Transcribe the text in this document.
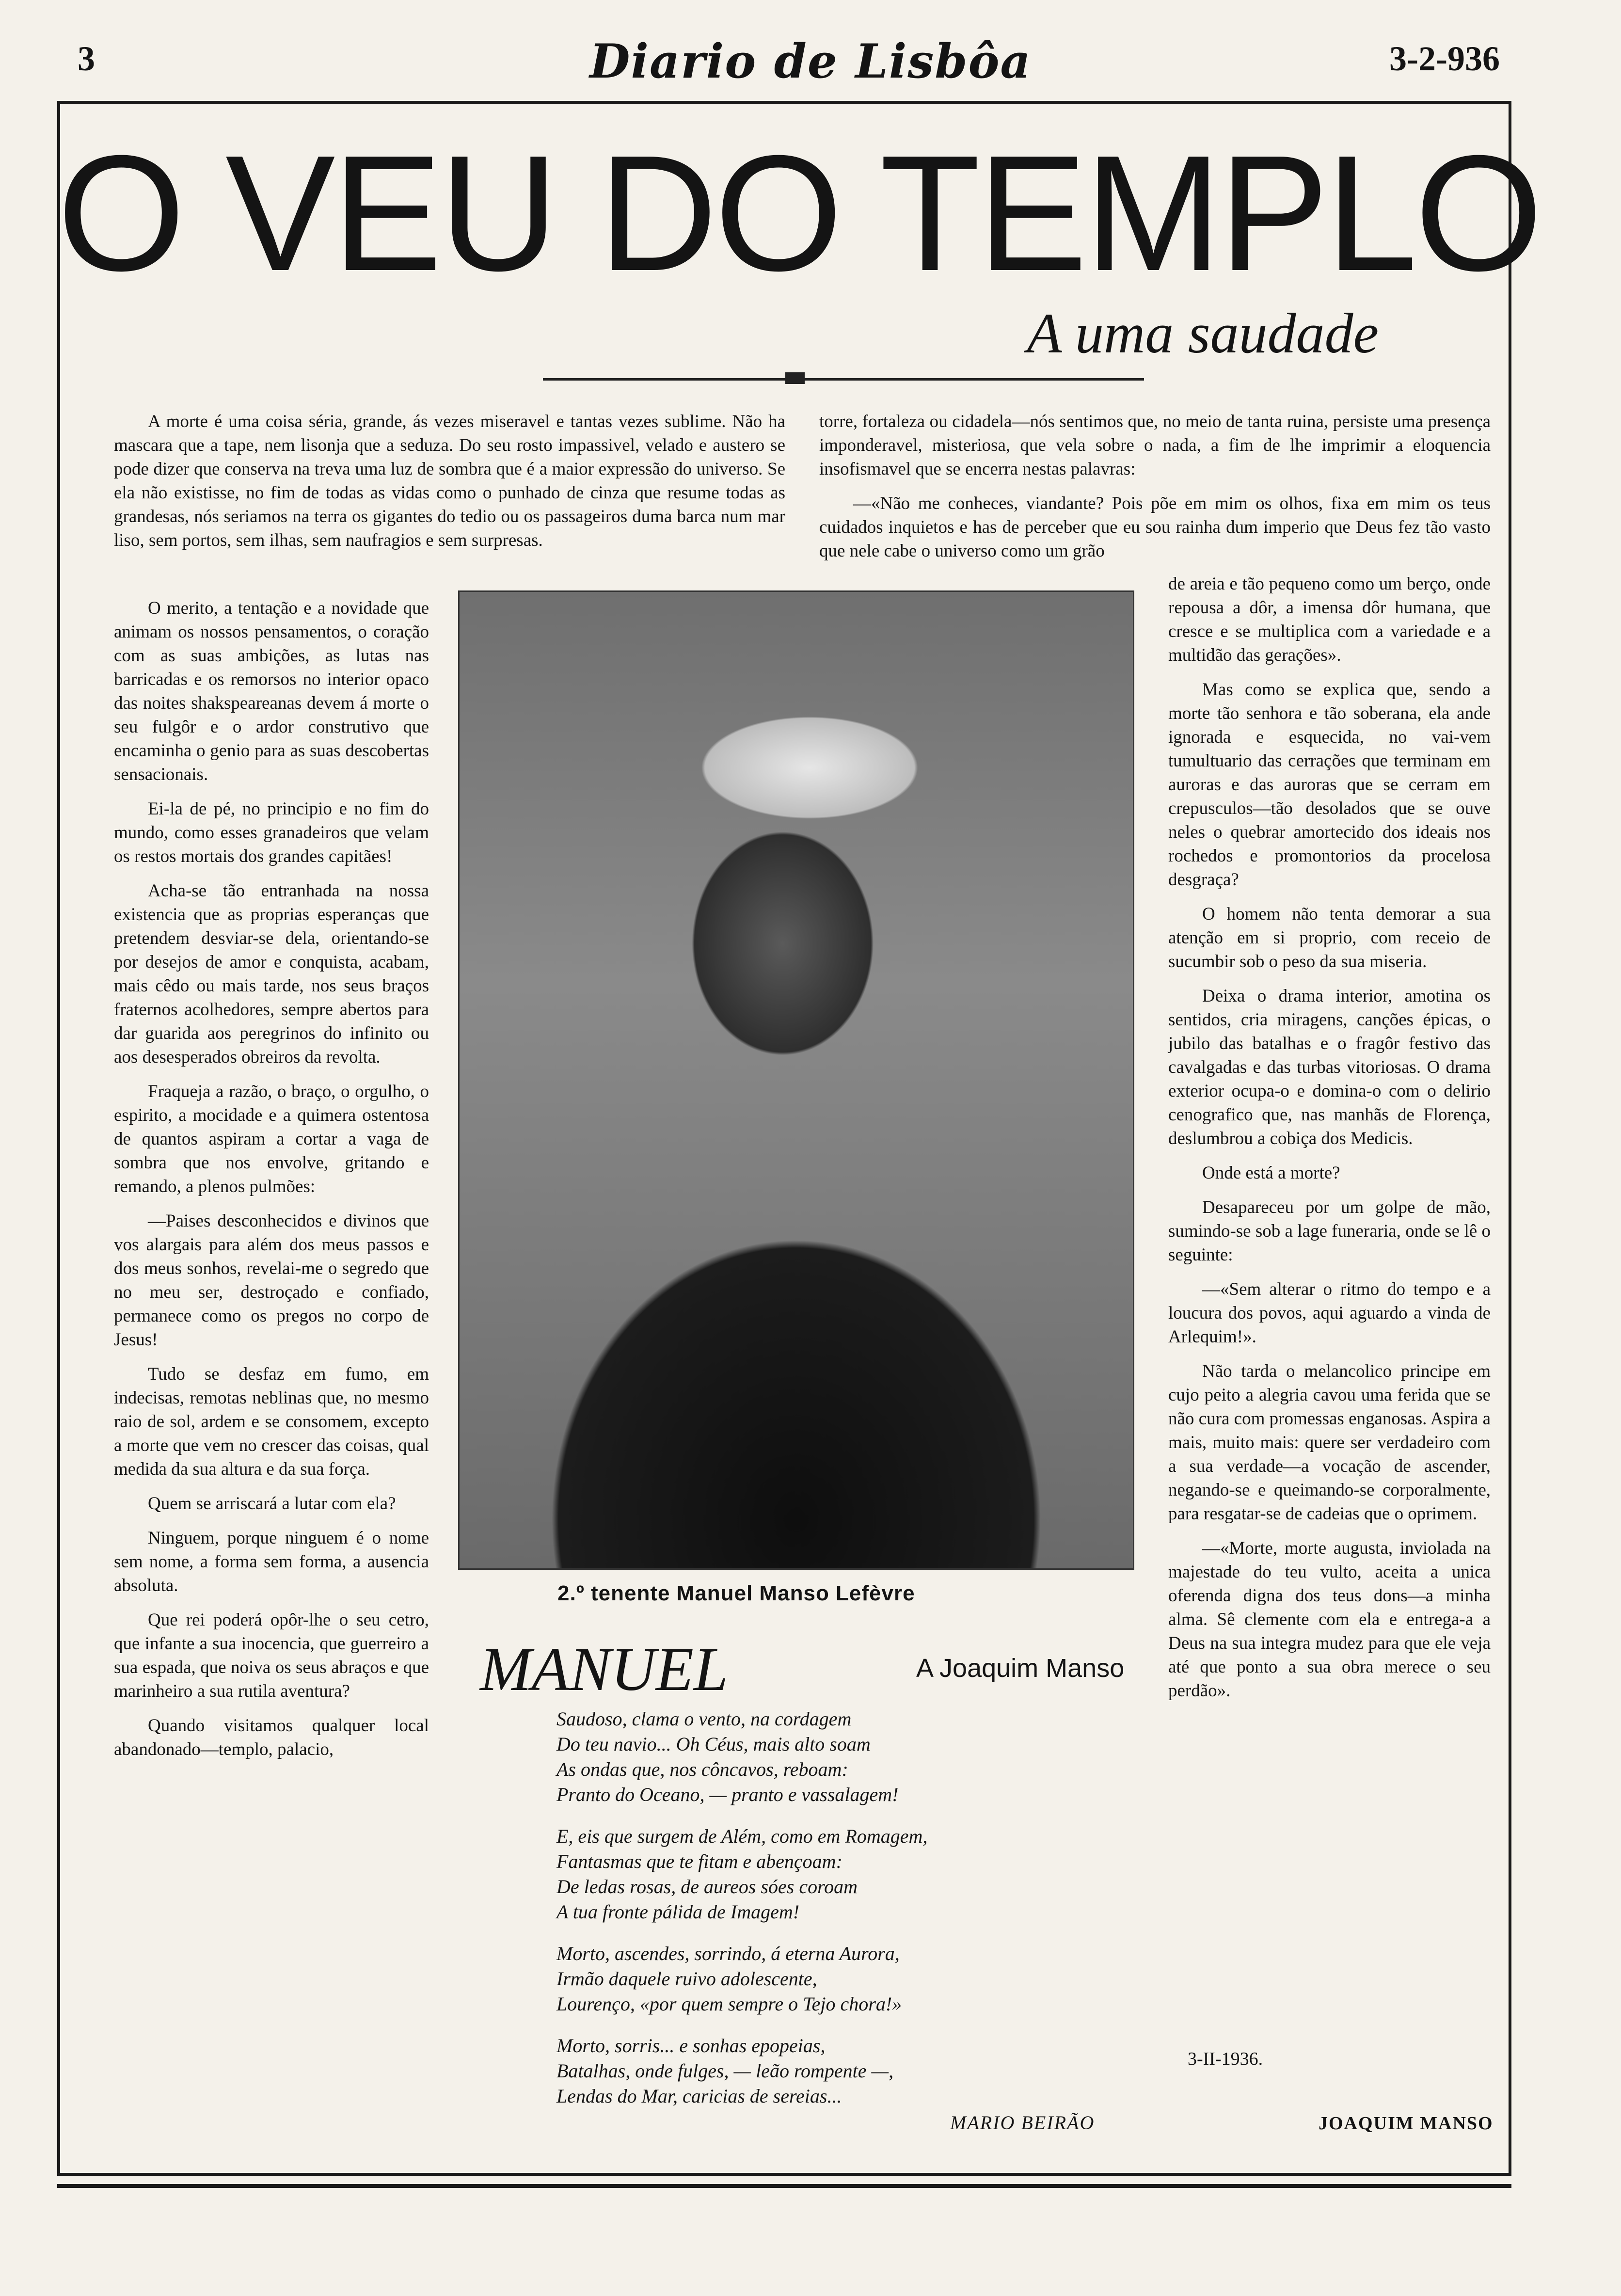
3	Diario de Lisbôa	3-2-936
O VEU DO TEMPLO
A uma saudade

A morte é uma coisa séria, grande, ás vezes miseravel e tantas vezes sublime. Não ha mascara que a tape, nem lisonja que a seduza. Do seu rosto impassivel, velado e austero se pode dizer que conserva na treva uma luz de sombra que é a maior expressão do universo. Se ela não existisse, no fim de todas as vidas como o punhado de cinza que resume todas as grandesas, nós seriamos na terra os gigantes do tedio ou os passageiros duma barca num mar liso, sem portos, sem ilhas, sem naufragios e sem surpresas.

torre, fortaleza ou cidadela—nós sentimos que, no meio de tanta ruina, persiste uma presença imponderavel, misteriosa, que vela sobre o nada, a fim de lhe imprimir a eloquencia insofismavel que se encerra nestas palavras:

—«Não me conheces, viandante? Pois põe em mim os olhos, fixa em mim os teus cuidados inquietos e has de perceber que eu sou rainha dum imperio que Deus fez tão vasto que nele cabe o universo como um grão

O merito, a tentação e a novidade que animam os nossos pensamentos, o coração com as suas ambições, as lutas nas barricadas e os remorsos no interior opaco das noites shakspeareanas devem á morte o seu fulgôr e o ardor construtivo que encaminha o genio para as suas descobertas sensacionais.

Ei-la de pé, no principio e no fim do mundo, como esses granadeiros que velam os restos mortais dos grandes capitães!

Acha-se tão entranhada na nossa existencia que as proprias esperanças que pretendem desviar-se dela, orientando-se por desejos de amor e conquista, acabam, mais cêdo ou mais tarde, nos seus braços fraternos acolhedores, sempre abertos para dar guarida aos peregrinos do infinito ou aos desesperados obreiros da revolta.

Fraqueja a razão, o braço, o orgulho, o espirito, a mocidade e a quimera ostentosa de quantos aspiram a cortar a vaga de sombra que nos envolve, gritando e remando, a plenos pulmões:

—Paises desconhecidos e divinos que vos alargais para além dos meus passos e dos meus sonhos, revelai-me o segredo que no meu ser, destroçado e confiado, permanece como os pregos no corpo de Jesus!

Tudo se desfaz em fumo, em indecisas, remotas neblinas que, no mesmo raio de sol, ardem e se consomem, excepto a morte que vem no crescer das coisas, qual medida da sua altura e da sua força.

Quem se arriscará a lutar com ela?

Ninguem, porque ninguem é o nome sem nome, a forma sem forma, a ausencia absoluta.

Que rei poderá opôr-lhe o seu cetro, que infante a sua inocencia, que guerreiro a sua espada, que noiva os seus abraços e que marinheiro a sua rutila aventura?

Quando visitamos qualquer local abandonado—templo, palacio,

de areia e tão pequeno como um berço, onde repousa a dôr, a imensa dôr humana, que cresce e se multiplica com a variedade e a multidão das gerações».

Mas como se explica que, sendo a morte tão senhora e tão soberana, ela ande ignorada e esquecida, no vai-vem tumultuario das cerrações que terminam em auroras e das auroras que se cerram em crepusculos—tão desolados que se ouve neles o quebrar amortecido dos ideais nos rochedos e promontorios da procelosa desgraça?

O homem não tenta demorar a sua atenção em si proprio, com receio de sucumbir sob o peso da sua miseria.

Deixa o drama interior, amotina os sentidos, cria miragens, canções épicas, o jubilo das batalhas e o fragôr festivo das cavalgadas e das turbas vitoriosas. O drama exterior ocupa-o e domina-o com o delirio cenografico que, nas manhãs de Florença, deslumbrou a cobiça dos Medicis.

Onde está a morte?

Desapareceu por um golpe de mão, sumindo-se sob a lage funeraria, onde se lê o seguinte:

—«Sem alterar o ritmo do tempo e a loucura dos povos, aqui aguardo a vinda de Arlequim!».

Não tarda o melancolico principe em cujo peito a alegria cavou uma ferida que se não cura com promessas enganosas. Aspira a mais, muito mais: quere ser verdadeiro com a sua verdade—a vocação de ascender, negando-se e queimando-se corporalmente, para resgatar-se de cadeias que o oprimem.

—«Morte, morte augusta, inviolada na majestade do teu vulto, aceita a unica oferenda digna dos teus dons—a minha alma. Sê clemente com ela e entrega-a a Deus na sua integra mudez para que ele veja até que ponto a sua obra merece o seu perdão».

2.º tenente Manuel Manso Lefèvre
MANUEL	A Joaquim Manso
Saudoso, clama o vento, na cordagem
Do teu navio... Oh Céus, mais alto soam
As ondas que, nos côncavos, reboam:
Pranto do Oceano, — pranto e vassalagem!
E, eis que surgem de Além, como em Romagem,
Fantasmas que te fitam e abençoam:
De ledas rosas, de aureos sóes coroam
A tua fronte pálida de Imagem!
Morto, ascendes, sorrindo, á eterna Aurora,
Irmão daquele ruivo adolescente,
Lourenço, «por quem sempre o Tejo chora!»
Morto, sorris... e sonhas epopeias,
Batalhas, onde fulges, — leão rompente —,
Lendas do Mar, caricias de sereias...
MARIO BEIRÃO
3-II-1936.
JOAQUIM MANSO
